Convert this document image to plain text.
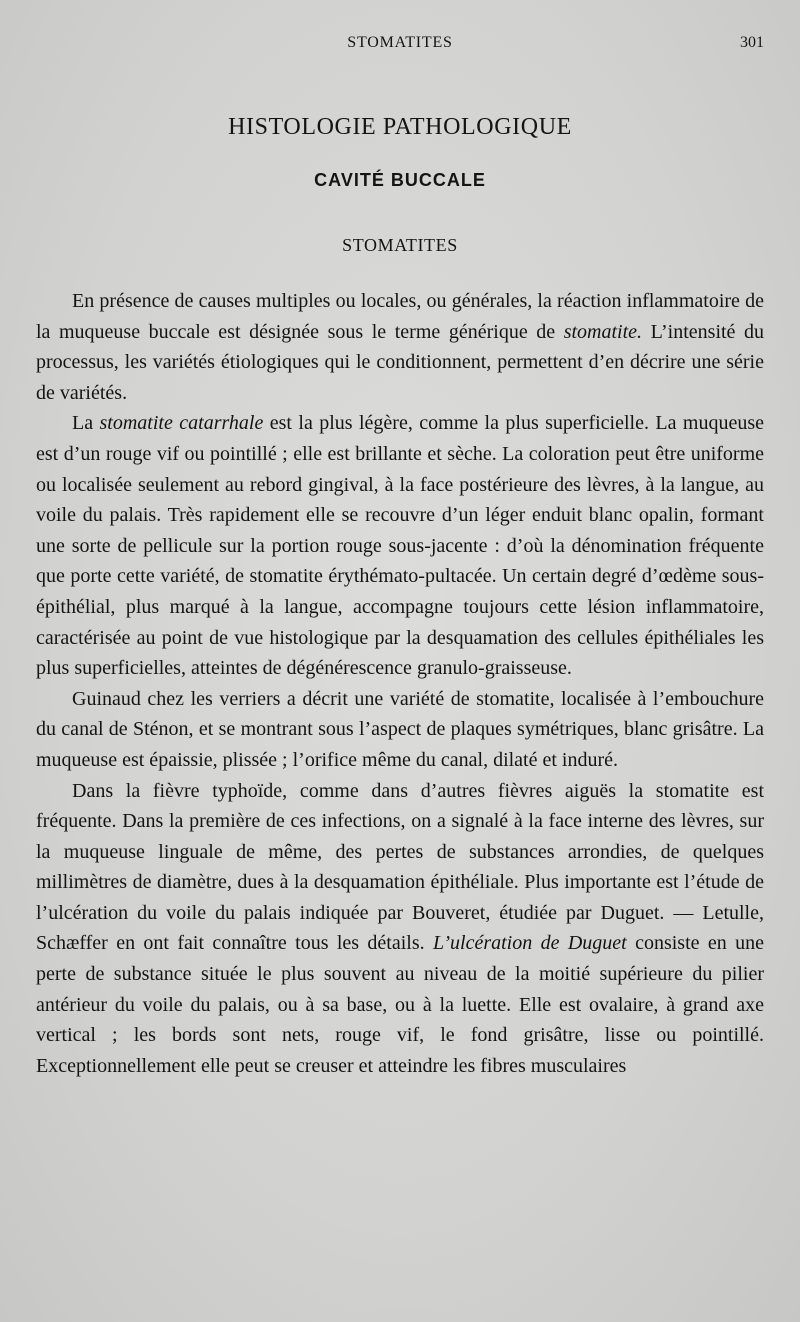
STOMATITES	301
HISTOLOGIE PATHOLOGIQUE
CAVITÉ BUCCALE
STOMATITES

En présence de causes multiples ou locales, ou générales, la réaction inflammatoire de la muqueuse buccale est désignée sous le terme générique de stomatite. L’intensité du processus, les variétés étiologiques qui le conditionnent, permettent d’en décrire une série de variétés.

La stomatite catarrhale est la plus légère, comme la plus superficielle. La muqueuse est d’un rouge vif ou pointillé ; elle est brillante et sèche. La coloration peut être uniforme ou localisée seulement au rebord gingival, à la face postérieure des lèvres, à la langue, au voile du palais. Très rapidement elle se recouvre d’un léger enduit blanc opalin, formant une sorte de pellicule sur la portion rouge sous-jacente : d’où la dénomination fréquente que porte cette variété, de stomatite érythémato-pultacée. Un certain degré d’œdème sous-épithélial, plus marqué à la langue, accompagne toujours cette lésion inflammatoire, caractérisée au point de vue histologique par la desquamation des cellules épithéliales les plus superficielles, atteintes de dégénérescence granulo-graisseuse.

Guinaud chez les verriers a décrit une variété de stomatite, localisée à l’embouchure du canal de Sténon, et se montrant sous l’aspect de plaques symétriques, blanc grisâtre. La muqueuse est épaissie, plissée ; l’orifice même du canal, dilaté et induré.

Dans la fièvre typhoïde, comme dans d’autres fièvres aiguës la stomatite est fréquente. Dans la première de ces infections, on a signalé à la face interne des lèvres, sur la muqueuse linguale de même, des pertes de substances arrondies, de quelques millimètres de diamètre, dues à la desquamation épithéliale. Plus importante est l’étude de l’ulcération du voile du palais indiquée par Bouveret, étudiée par Duguet. — Letulle, Schæffer en ont fait connaître tous les détails. L’ulcération de Duguet consiste en une perte de substance située le plus souvent au niveau de la moitié supérieure du pilier antérieur du voile du palais, ou à sa base, ou à la luette. Elle est ovalaire, à grand axe vertical ; les bords sont nets, rouge vif, le fond grisâtre, lisse ou pointillé. Exceptionnellement elle peut se creuser et atteindre les fibres musculaires
